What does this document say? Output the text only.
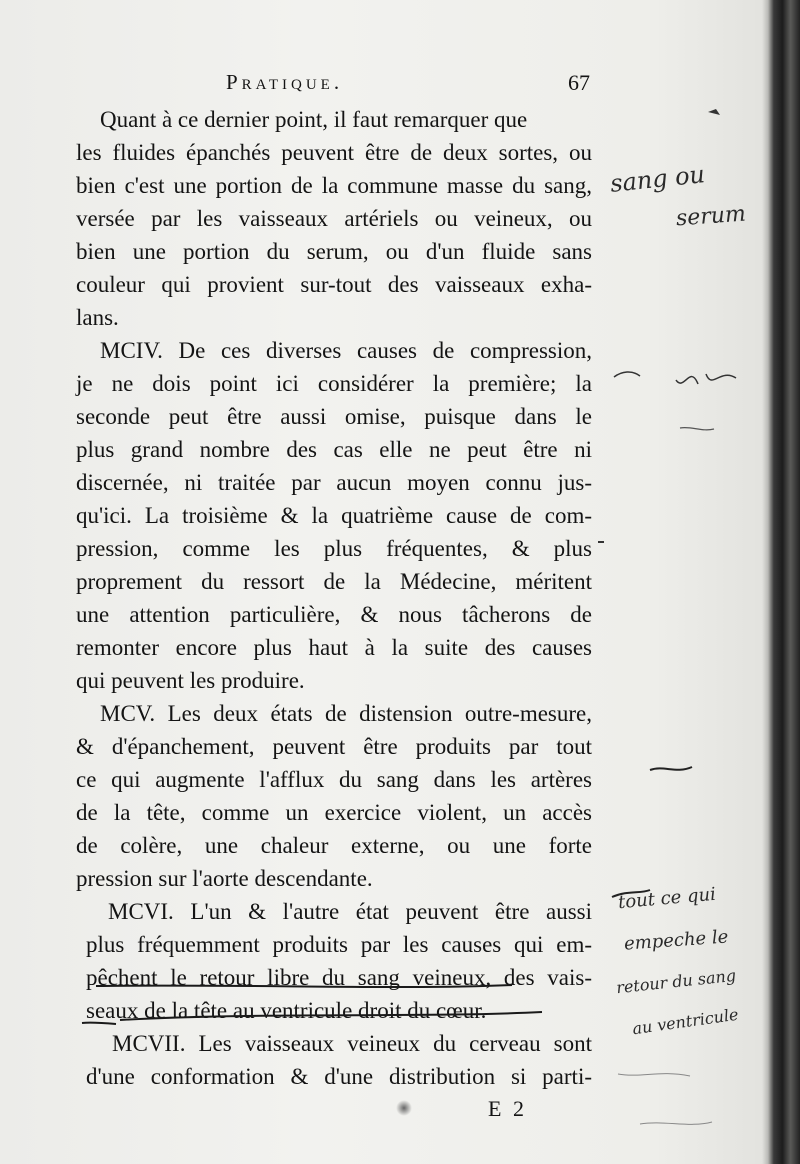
Pratique.	67
Quant à ce dernier point, il faut remarquer que
les fluides épanchés peuvent être de deux sortes, ou
bien c'est une portion de la commune masse du sang,
versée par les vaisseaux artériels ou veineux, ou
bien une portion du serum, ou d'un fluide sans
couleur qui provient sur-tout des vaisseaux exha-
lans.
MCIV. De ces diverses causes de compression,
je ne dois point ici considérer la première; la
seconde peut être aussi omise, puisque dans le
plus grand nombre des cas elle ne peut être ni
discernée, ni traitée par aucun moyen connu jus-
qu'ici. La troisième & la quatrième cause de com-
pression, comme les plus fréquentes, & plus
proprement du ressort de la Médecine, méritent
une attention particulière, & nous tâcherons de
remonter encore plus haut à la suite des causes
qui peuvent les produire.
MCV. Les deux états de distension outre-mesure,
& d'épanchement, peuvent être produits par tout
ce qui augmente l'afflux du sang dans les artères
de la tête, comme un exercice violent, un accès
de colère, une chaleur externe, ou une forte
pression sur l'aorte descendante.
MCVI. L'un & l'autre état peuvent être aussi
plus fréquemment produits par les causes qui em-
pêchent le retour libre du sang veineux, des vais-
seaux de la tête au ventricule droit du cœur.
MCVII. Les vaisseaux veineux du cerveau sont
d'une conformation & d'une distribution si parti-
E 2
sang ou
serum
tout ce qui
empeche le
retour du sang
au ventricule
